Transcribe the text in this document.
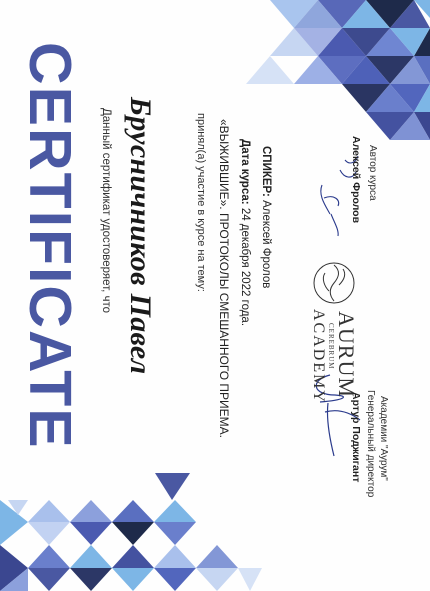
CERTIFICATE Данный сертификат удостоверяет, что Брусничников Павел	принял(а) участие в курсе на тему: «ВЫЖИВШИЕ». ПРОТОКОЛЫ СМЕШАННОГО ПРИЕМА. Дата курса: 24 декабря 2022 года.
СПИКЕР: Алексей Фролов
Алексей Фролов Автор курса
AURUM
CEREBRUM
ACADEMY
Артур Поджигант Генеральный директор Академии "Аурум"
